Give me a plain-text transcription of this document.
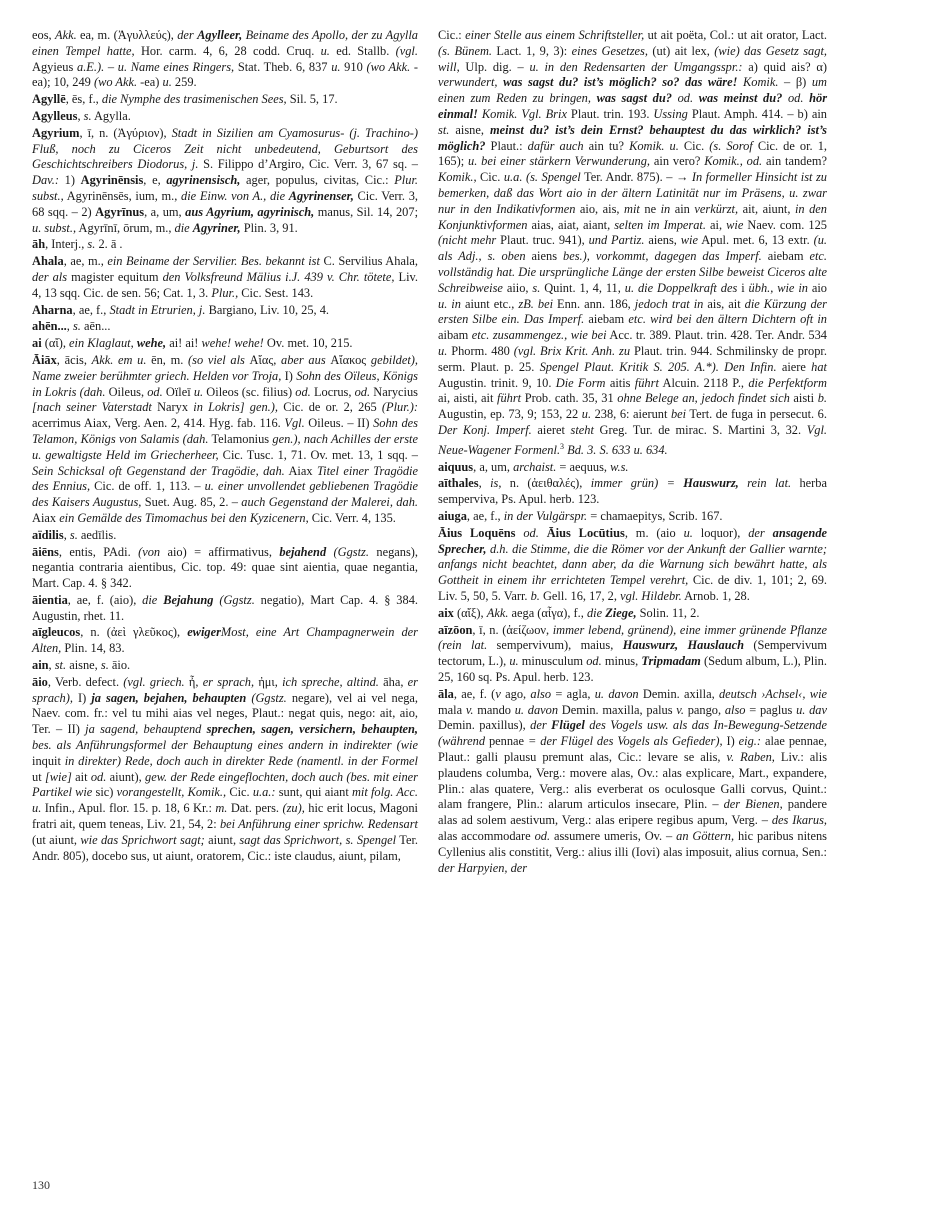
eos, Akk. ea, m. (Ἀγυλλεύς), der Agylleer, Beiname des Apollo, der zu Agylla einen Tempel hatte, Hor. carm. 4, 6, 28 codd. Cruq. u. ed. Stallb. (vgl. Agyieus a.E.). – u. Name eines Ringers, Stat. Theb. 6, 837 u. 910 (wo Akk. -ea); 10, 249 (wo Akk. -ea) u. 259.

Agyllē, ēs, f., die Nymphe des trasimenischen Sees, Sil. 5, 17.

Agylleus, s. Agylla.

Agyrium, ī, n. (Ἀγύριον), Stadt in Sizilien am Cyamosurus- (j. Trachino-) Fluß, noch zu Ciceros Zeit nicht unbedeutend, Geburtsort des Geschichtschreibers Diodorus, j. S. Filippo d’Argiro, Cic. Verr. 3, 67 sq. – Dav.: 1) Agyrinēnsis, e, agyrinensisch, ager, populus, civitas, Cic.: Plur. subst., Agyrinēnsēs, ium, m., die Einw. von A., die Agyrinenser, Cic. Verr. 3, 68 sqq. – 2) Agyrīnus, a, um, aus Agyrium, agyrinisch, manus, Sil. 14, 207; u. subst., Agyrīnī, ōrum, m., die Agyriner, Plin. 3, 91.

āh, Interj., s. 2. ā .

Ahala, ae, m., ein Beiname der Servilier. Bes. bekannt ist C. Servilius Ahala, der als magister equitum den Volksfreund Mälius i.J. 439 v. Chr. tötete, Liv. 4, 13 sqq. Cic. de sen. 56; Cat. 1, 3. Plur., Cic. Sest. 143.

Aharna, ae, f., Stadt in Etrurien, j. Bargiano, Liv. 10, 25, 4.

ahēn..., s. aēn...

ai (αἴ), ein Klaglaut, wehe, ai! ai! wehe! wehe! Ov. met. 10, 215.

Āiāx, ācis, Akk. em u. ēn, m. (so viel als Αἴας, aber aus Αἴακος gebildet), Name zweier berühmter griech. Helden vor Troja, I) Sohn des Oïleus, Königs in Lokris (dah. Oileus, od. Oïleī u. Oileos (sc. filius) od. Locrus, od. Narycius [nach seiner Vaterstadt Naryx in Lokris] gen.), Cic. de or. 2, 265 (Plur.): acerrimus Aiax, Verg. Aen. 2, 414. Hyg. fab. 116. Vgl. Oileus. – II) Sohn des Telamon, Königs von Salamis (dah. Telamonius gen.), nach Achilles der erste u. gewaltigste Held im Griecherheer, Cic. Tusc. 1, 71. Ov. met. 13, 1 sqq. – Sein Schicksal oft Gegenstand der Tragödie, dah. Aiax Titel einer Tragödie des Ennius, Cic. de off. 1, 113. – u. einer unvollendet gebliebenen Tragödie des Kaisers Augustus, Suet. Aug. 85, 2. – auch Gegenstand der Malerei, dah. Aiax ein Gemälde des Timomachus bei den Kyzicenern, Cic. Verr. 4, 135.

aïdilis, s. aedīlis.

āiēns, entis, PAdi. (von aio) = affirmativus, bejahend (Ggstz. negans), negantia contraria aientibus, Cic. top. 49: quae sint aientia, quae negantia, Mart. Cap. 4. § 342.

āientia, ae, f. (aio), die Bejahung (Ggstz. negatio), Mart Cap. 4. § 384. Augustin, rhet. 11.

aīgleucos, n. (ἀεὶ γλεῦκος), ewigerMost, eine Art Champagnerwein der Alten, Plin. 14, 83.

ain, st. aisne, s. āio.

āio, Verb. defect. (vgl. griech. ἦ, er sprach, ἠμι, ich spreche, altind. āha, er sprach), I) ja sagen, bejahen, behaupten (Ggstz. negare), vel ai vel nega, Naev. com. fr.: vel tu mihi aias vel neges, Plaut.: negat quis, nego: ait, aio, Ter. – II) ja sagend, behauptend sprechen, sagen, versichern, behaupten, bes. als Anführungsformel der Behauptung eines andern in indirekter (wie inquit in direkter) Rede, doch auch in direkter Rede (namentl. in der Formel ut [wie] ait od. aiunt), gew. der Rede eingeflochten, doch auch (bes. mit einer Partikel wie sic) vorangestellt, Komik., Cic. u.a.: sunt, qui aiant mit folg. Acc. u. Infin., Apul. flor. 15. p. 18, 6 Kr.: m. Dat. pers. (zu), hic erit locus, Magoni fratri ait, quem teneas, Liv. 21, 54, 2: bei Anführung einer sprichw. Redensart (ut aiunt, wie das Sprichwort sagt; aiunt, sagt das Sprichwort, s. Spengel Ter. Andr. 805), docebo sus, ut aiunt, oratorem, Cic.: iste claudus, aiunt, pilam,

Cic.: einer Stelle aus einem Schriftsteller, ut ait poëta, Col.: ut ait orator, Lact. (s. Bünem. Lact. 1, 9, 3): eines Gesetzes, (ut) ait lex, (wie) das Gesetz sagt, will, Ulp. dig. – u. in den Redensarten der Umgangsspr.: a) quid ais? α) verwundert, was sagst du? ist’s möglich? so? das wäre! Komik. – β) um einen zum Reden zu bringen, was sagst du? od. was meinst du? od. hör einmal! Komik. Vgl. Brix Plaut. trin. 193. Ussing Plaut. Amph. 414. – b) ain st. aisne, meinst du? ist’s dein Ernst? behauptest du das wirklich? ist’s möglich? Plaut.: dafür auch ain tu? Komik. u. Cic. (s. Sorof Cic. de or. 1, 165); u. bei einer stärkern Verwunderung, ain vero? Komik., od. ain tandem? Komik., Cic. u.a. (s. Spengel Ter. Andr. 875). – → In formeller Hinsicht ist zu bemerken, daß das Wort aio in der ältern Latinität nur im Präsens, u. zwar nur in den Indikativformen aio, ais, mit ne in ain verkürzt, ait, aiunt, in den Konjunktivformen aias, aiat, aiant, selten im Imperat. ai, wie Naev. com. 125 (nicht mehr Plaut. truc. 941), und Partiz. aiens, wie Apul. met. 6, 13 extr. (u. als Adj., s. oben aiens bes.), vorkommt, dagegen das Imperf. aiebam etc. vollständig hat. Die ursprüngliche Länge der ersten Silbe beweist Ciceros alte Schreibweise aiio, s. Quint. 1, 4, 11, u. die Doppelkraft des i übh., wie in aio u. in aiunt etc., zB. bei Enn. ann. 186, jedoch trat in ais, ait die Kürzung der ersten Silbe ein. Das Imperf. aiebam etc. wird bei den ältern Dichtern oft in aibam etc. zusammengez., wie bei Acc. tr. 389. Plaut. trin. 428. Ter. Andr. 534 u. Phorm. 480 (vgl. Brix Krit. Anh. zu Plaut. trin. 944. Schmilinsky de propr. serm. Plaut. p. 25. Spengel Plaut. Kritik S. 205. A.*). Den Infin. aiere hat Augustin. trinit. 9, 10. Die Form aitis führt Alcuin. 2118 P., die Perfektform ai, aisti, ait führt Prob. cath. 35, 31 ohne Belege an, jedoch findet sich aisti b. Augustin, ep. 73, 9; 153, 22 u. 238, 6: aierunt bei Tert. de fuga in persecut. 6. Der Konj. Imperf. aieret steht Greg. Tur. de mirac. S. Martini 3, 32. Vgl. Neue-Wagener Formenl.$^3$ Bd. 3. S. 633 u. 634.

aiquus, a, um, archaist. = aequus, w.s.

aīthales, is, n. (ἀειθαλές), immer grün) = Hauswurz, rein lat. herba semperviva, Ps. Apul. herb. 123.

aiuga, ae, f., in der Vulgärspr. = chamaepitys, Scrib. 167.

Āius Loquēns od. Āius Locūtius, m. (aio u. loquor), der ansagende Sprecher, d.h. die Stimme, die die Römer vor der Ankunft der Gallier warnte; anfangs nicht beachtet, dann aber, da die Warnung sich bewährt hatte, als Gottheit in einem ihr errichteten Tempel verehrt, Cic. de div. 1, 101; 2, 69. Liv. 5, 50, 5. Varr. b. Gell. 16, 17, 2, vgl. Hildebr. Arnob. 1, 28.

aix (αἴξ), Akk. aega (αἶγα), f., die Ziege, Solin. 11, 2.

aīzōon, ī, n. (ἀείζωον, immer lebend, grünend), eine immer grünende Pflanze (rein lat. sempervivum), maius, Hauswurz, Hauslauch (Sempervivum tectorum, L.), u. minusculum od. minus, Tripmadam (Sedum album, L.), Plin. 25, 160 sq. Ps. Apul. herb. 123.

āla, ae, f. (v ago, also = agla, u. davon Demin. axilla, deutsch ›Achsel‹, wie mala v. mando u. davon Demin. maxilla, palus v. pango, also = paglus u. dav Demin. paxillus), der Flügel des Vogels usw. als das In-Bewegung-Setzende (während pennae = der Flügel des Vogels als Gefieder), I) eig.: alae pennae, Plaut.: galli plausu premunt alas, Cic.: levare se alis, v. Raben, Liv.: alis plaudens columba, Verg.: movere alas, Ov.: alas explicare, Mart., expandere, Plin.: alas quatere, Verg.: alis everberat os oculosque Galli corvus, Quint.: alam frangere, Plin.: alarum articulos insecare, Plin. – der Bienen, pandere alas ad solem aestivum, Verg.: alas eripere regibus apum, Verg. – des Ikarus, alas accommodare od. assumere umeris, Ov. – an Göttern, hic paribus nitens Cyllenius alis constitit, Verg.: alius illi (Iovi) alas imposuit, alius cornua, Sen.: der Harpyien, der

130
